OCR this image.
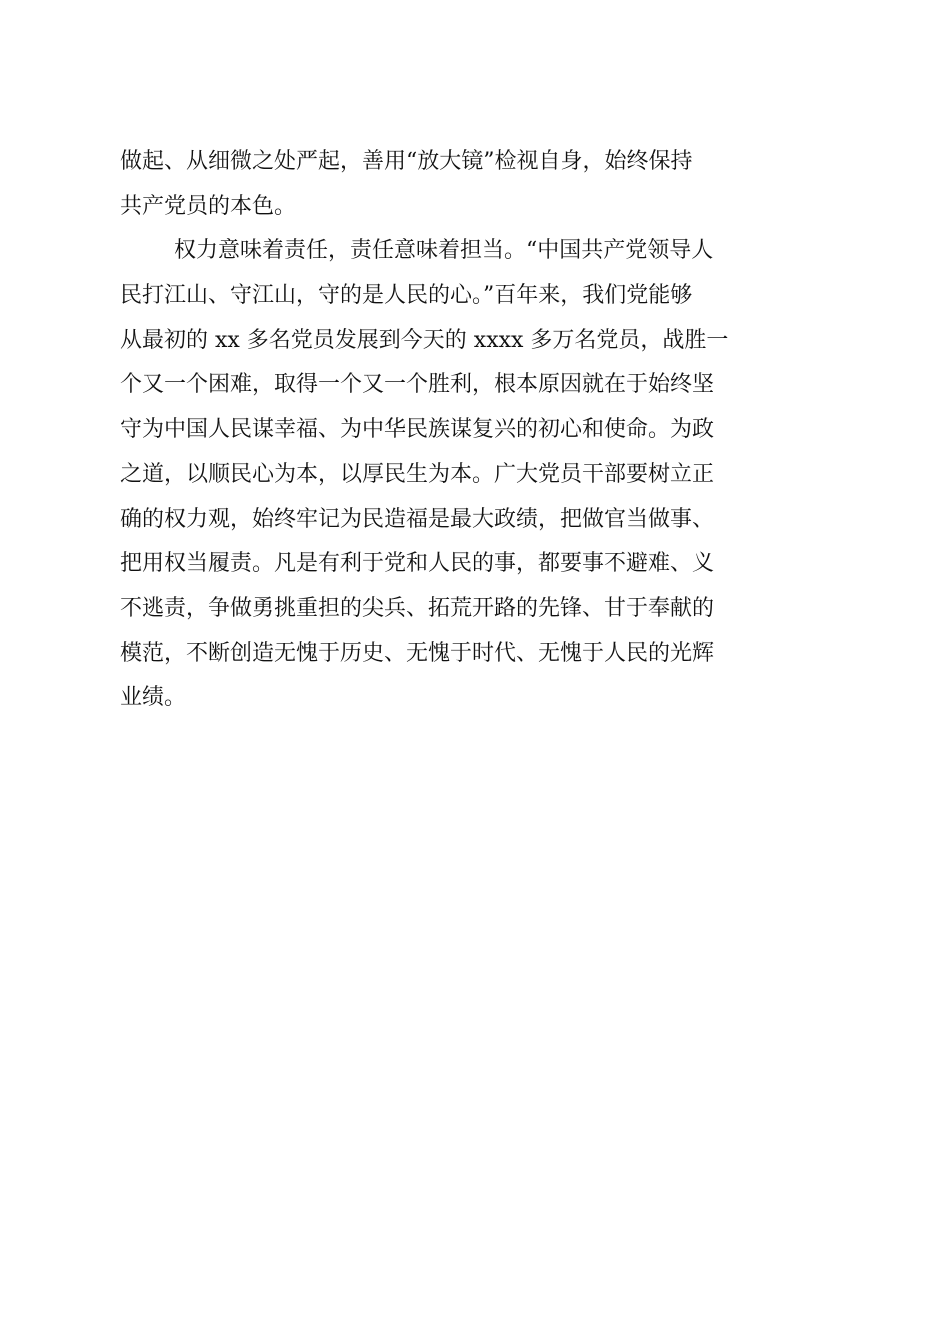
做起、从细微之处严起，善用“放大镜”检视自身，始终保持
共产党员的本色。
权力意味着责任，责任意味着担当。“中国共产党领导人
民打江山、守江山，守的是人民的心。”百年来，我们党能够
从最初的 xx 多名党员发展到今天的 xxxx 多万名党员，战胜一
个又一个困难，取得一个又一个胜利，根本原因就在于始终坚
守为中国人民谋幸福、为中华民族谋复兴的初心和使命。为政
之道，以顺民心为本，以厚民生为本。广大党员干部要树立正
确的权力观，始终牢记为民造福是最大政绩，把做官当做事、
把用权当履责。凡是有利于党和人民的事，都要事不避难、义
不逃责，争做勇挑重担的尖兵、拓荒开路的先锋、甘于奉献的
模范，不断创造无愧于历史、无愧于时代、无愧于人民的光辉
业绩。
